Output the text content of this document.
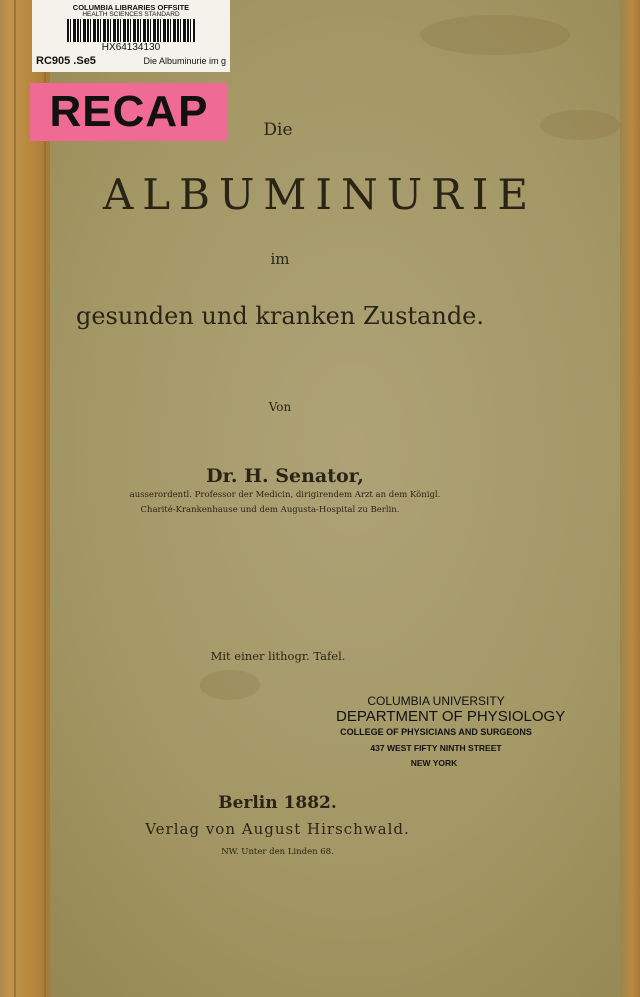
COLUMBIA LIBRARIES OFFSITE
HEALTH SCIENCES STANDARD
HX64134130
RC905 .Se5	Die Albuminurie im g
RECAP	Die
ALBUMINURIE
im
gesunden und kranken Zustande.
Von
Dr. H. Senator,
ausserordentl. Professor der Medicin, dirigirendem Arzt an dem Königl.
Charité-Krankenhause und dem Augusta-Hospital zu Berlin.
Mit einer lithogr. Tafel.
COLUMBIA UNIVERSITY
DEPARTMENT OF PHYSIOLOGY
COLLEGE OF PHYSICIANS AND SURGEONS
437 WEST FIFTY NINTH STREET
NEW YORK
Berlin 1882.
Verlag von August Hirschwald.
NW. Unter den Linden 68.
